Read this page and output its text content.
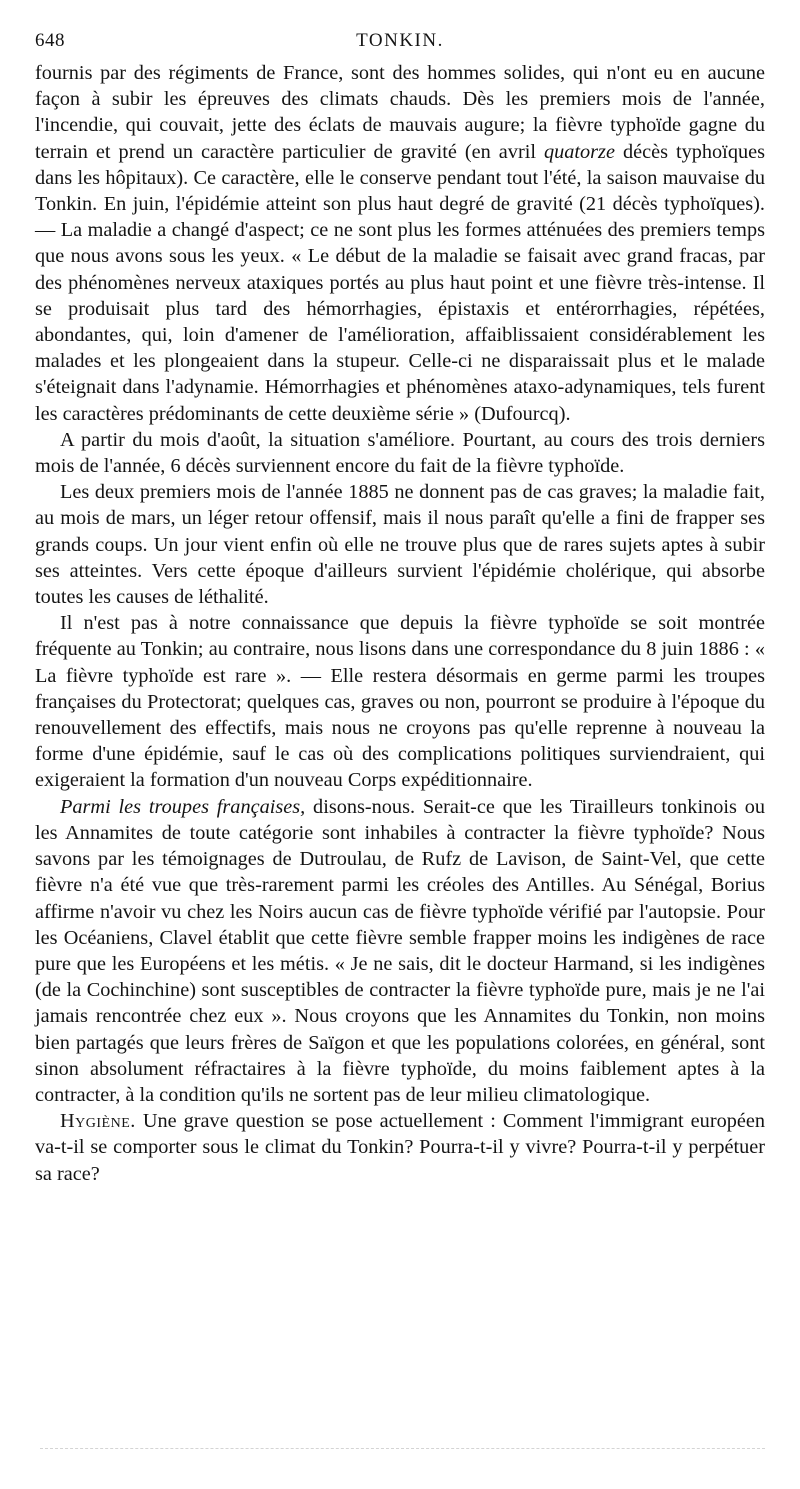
648	TONKIN.

fournis par des régiments de France, sont des hommes solides, qui n'ont eu en aucune façon à subir les épreuves des climats chauds. Dès les premiers mois de l'année, l'incendie, qui couvait, jette des éclats de mauvais augure; la fièvre typhoïde gagne du terrain et prend un caractère particulier de gravité (en avril quatorze décès typhoïques dans les hôpitaux). Ce caractère, elle le conserve pendant tout l'été, la saison mauvaise du Tonkin. En juin, l'épidémie atteint son plus haut degré de gravité (21 décès typhoïques). — La maladie a changé d'aspect; ce ne sont plus les formes atténuées des premiers temps que nous avons sous les yeux. « Le début de la maladie se faisait avec grand fracas, par des phénomènes nerveux ataxiques portés au plus haut point et une fièvre très-intense. Il se produisait plus tard des hémorrhagies, épistaxis et entérorrhagies, répétées, abondantes, qui, loin d'amener de l'amélioration, affaiblissaient considérablement les malades et les plongeaient dans la stupeur. Celle-ci ne disparaissait plus et le malade s'éteignait dans l'adynamie. Hémorrhagies et phénomènes ataxo-adynamiques, tels furent les caractères prédominants de cette deuxième série » (Dufourcq).

A partir du mois d'août, la situation s'améliore. Pourtant, au cours des trois derniers mois de l'année, 6 décès surviennent encore du fait de la fièvre typhoïde.

Les deux premiers mois de l'année 1885 ne donnent pas de cas graves; la maladie fait, au mois de mars, un léger retour offensif, mais il nous paraît qu'elle a fini de frapper ses grands coups. Un jour vient enfin où elle ne trouve plus que de rares sujets aptes à subir ses atteintes. Vers cette époque d'ailleurs survient l'épidémie cholérique, qui absorbe toutes les causes de léthalité.

Il n'est pas à notre connaissance que depuis la fièvre typhoïde se soit montrée fréquente au Tonkin; au contraire, nous lisons dans une correspondance du 8 juin 1886 : « La fièvre typhoïde est rare ». — Elle restera désormais en germe parmi les troupes françaises du Protectorat; quelques cas, graves ou non, pourront se produire à l'époque du renouvellement des effectifs, mais nous ne croyons pas qu'elle reprenne à nouveau la forme d'une épidémie, sauf le cas où des complications politiques surviendraient, qui exigeraient la formation d'un nouveau Corps expéditionnaire.

Parmi les troupes françaises, disons-nous. Serait-ce que les Tirailleurs tonkinois ou les Annamites de toute catégorie sont inhabiles à contracter la fièvre typhoïde? Nous savons par les témoignages de Dutroulau, de Rufz de Lavison, de Saint-Vel, que cette fièvre n'a été vue que très-rarement parmi les créoles des Antilles. Au Sénégal, Borius affirme n'avoir vu chez les Noirs aucun cas de fièvre typhoïde vérifié par l'autopsie. Pour les Océaniens, Clavel établit que cette fièvre semble frapper moins les indigènes de race pure que les Européens et les métis. « Je ne sais, dit le docteur Harmand, si les indigènes (de la Cochinchine) sont susceptibles de contracter la fièvre typhoïde pure, mais je ne l'ai jamais rencontrée chez eux ». Nous croyons que les Annamites du Tonkin, non moins bien partagés que leurs frères de Saïgon et que les populations colorées, en général, sont sinon absolument réfractaires à la fièvre typhoïde, du moins faiblement aptes à la contracter, à la condition qu'ils ne sortent pas de leur milieu climatologique.

Hygiène. Une grave question se pose actuellement : Comment l'immigrant européen va-t-il se comporter sous le climat du Tonkin? Pourra-t-il y vivre? Pourra-t-il y perpétuer sa race?
